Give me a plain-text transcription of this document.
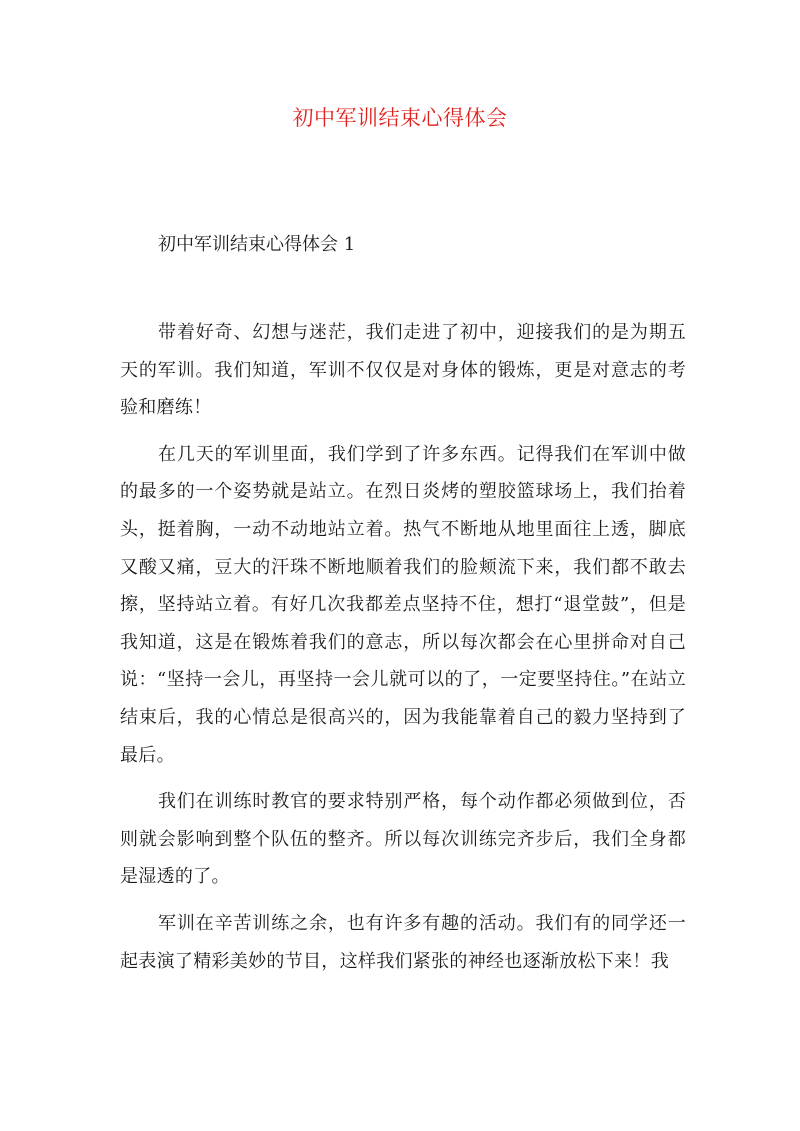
初中军训结束心得体会
初中军训结束心得体会 1

带着好奇、幻想与迷茫，我们走进了初中，迎接我们的是为期五天的军训。我们知道，军训不仅仅是对身体的锻炼，更是对意志的考验和磨练！

在几天的军训里面，我们学到了许多东西。记得我们在军训中做的最多的一个姿势就是站立。在烈日炎烤的塑胶篮球场上，我们抬着头，挺着胸，一动不动地站立着。热气不断地从地里面往上透，脚底又酸又痛，豆大的汗珠不断地顺着我们的脸颊流下来，我们都不敢去擦，坚持站立着。有好几次我都差点坚持不住，想打“退堂鼓”，但是我知道，这是在锻炼着我们的意志，所以每次都会在心里拼命对自己说：“坚持一会儿，再坚持一会儿就可以的了，一定要坚持住。”在站立结束后，我的心情总是很高兴的，因为我能靠着自己的毅力坚持到了最后。

我们在训练时教官的要求特别严格，每个动作都必须做到位，否则就会影响到整个队伍的整齐。所以每次训练完齐步后，我们全身都是湿透的了。

军训在辛苦训练之余，也有许多有趣的活动。我们有的同学还一起表演了精彩美妙的节目，这样我们紧张的神经也逐渐放松下来！我
